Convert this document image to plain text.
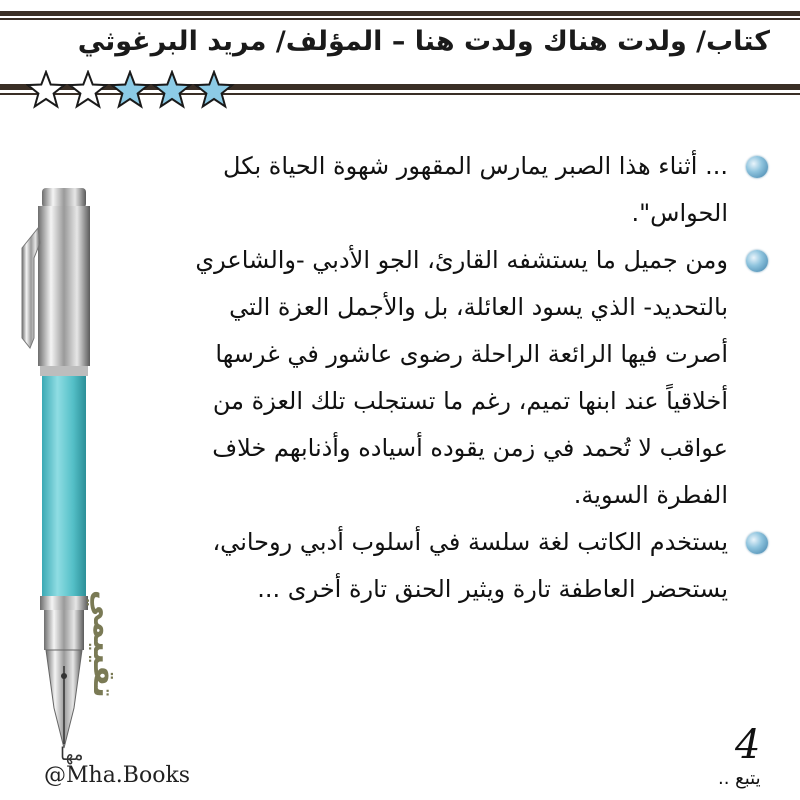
كتاب/ ولدت هناك ولدت هنا – المؤلف/ مريد البرغوثي
... أثناء هذا الصبر يمارس المقهور شهوة الحياة بكل الحواس".
ومن جميل ما يستشفه القارئ، الجو الأدبي -والشاعري بالتحديد- الذي يسود العائلة، بل والأجمل العزة التي أصرت فيها الرائعة الراحلة رضوى عاشور في غرسها أخلاقياً عند ابنها تميم، رغم ما تستجلب تلك العزة من عواقب لا تُحمد في زمن يقوده أسياده وأذنابهم خلاف الفطرة السوية.
يستخدم الكاتب لغة سلسة في أسلوب أدبي روحاني، يستحضر العاطفة تارة ويثير الحنق تارة أخرى ...
تقييمي
مها
@Mha.Books
4
يتبع ..
